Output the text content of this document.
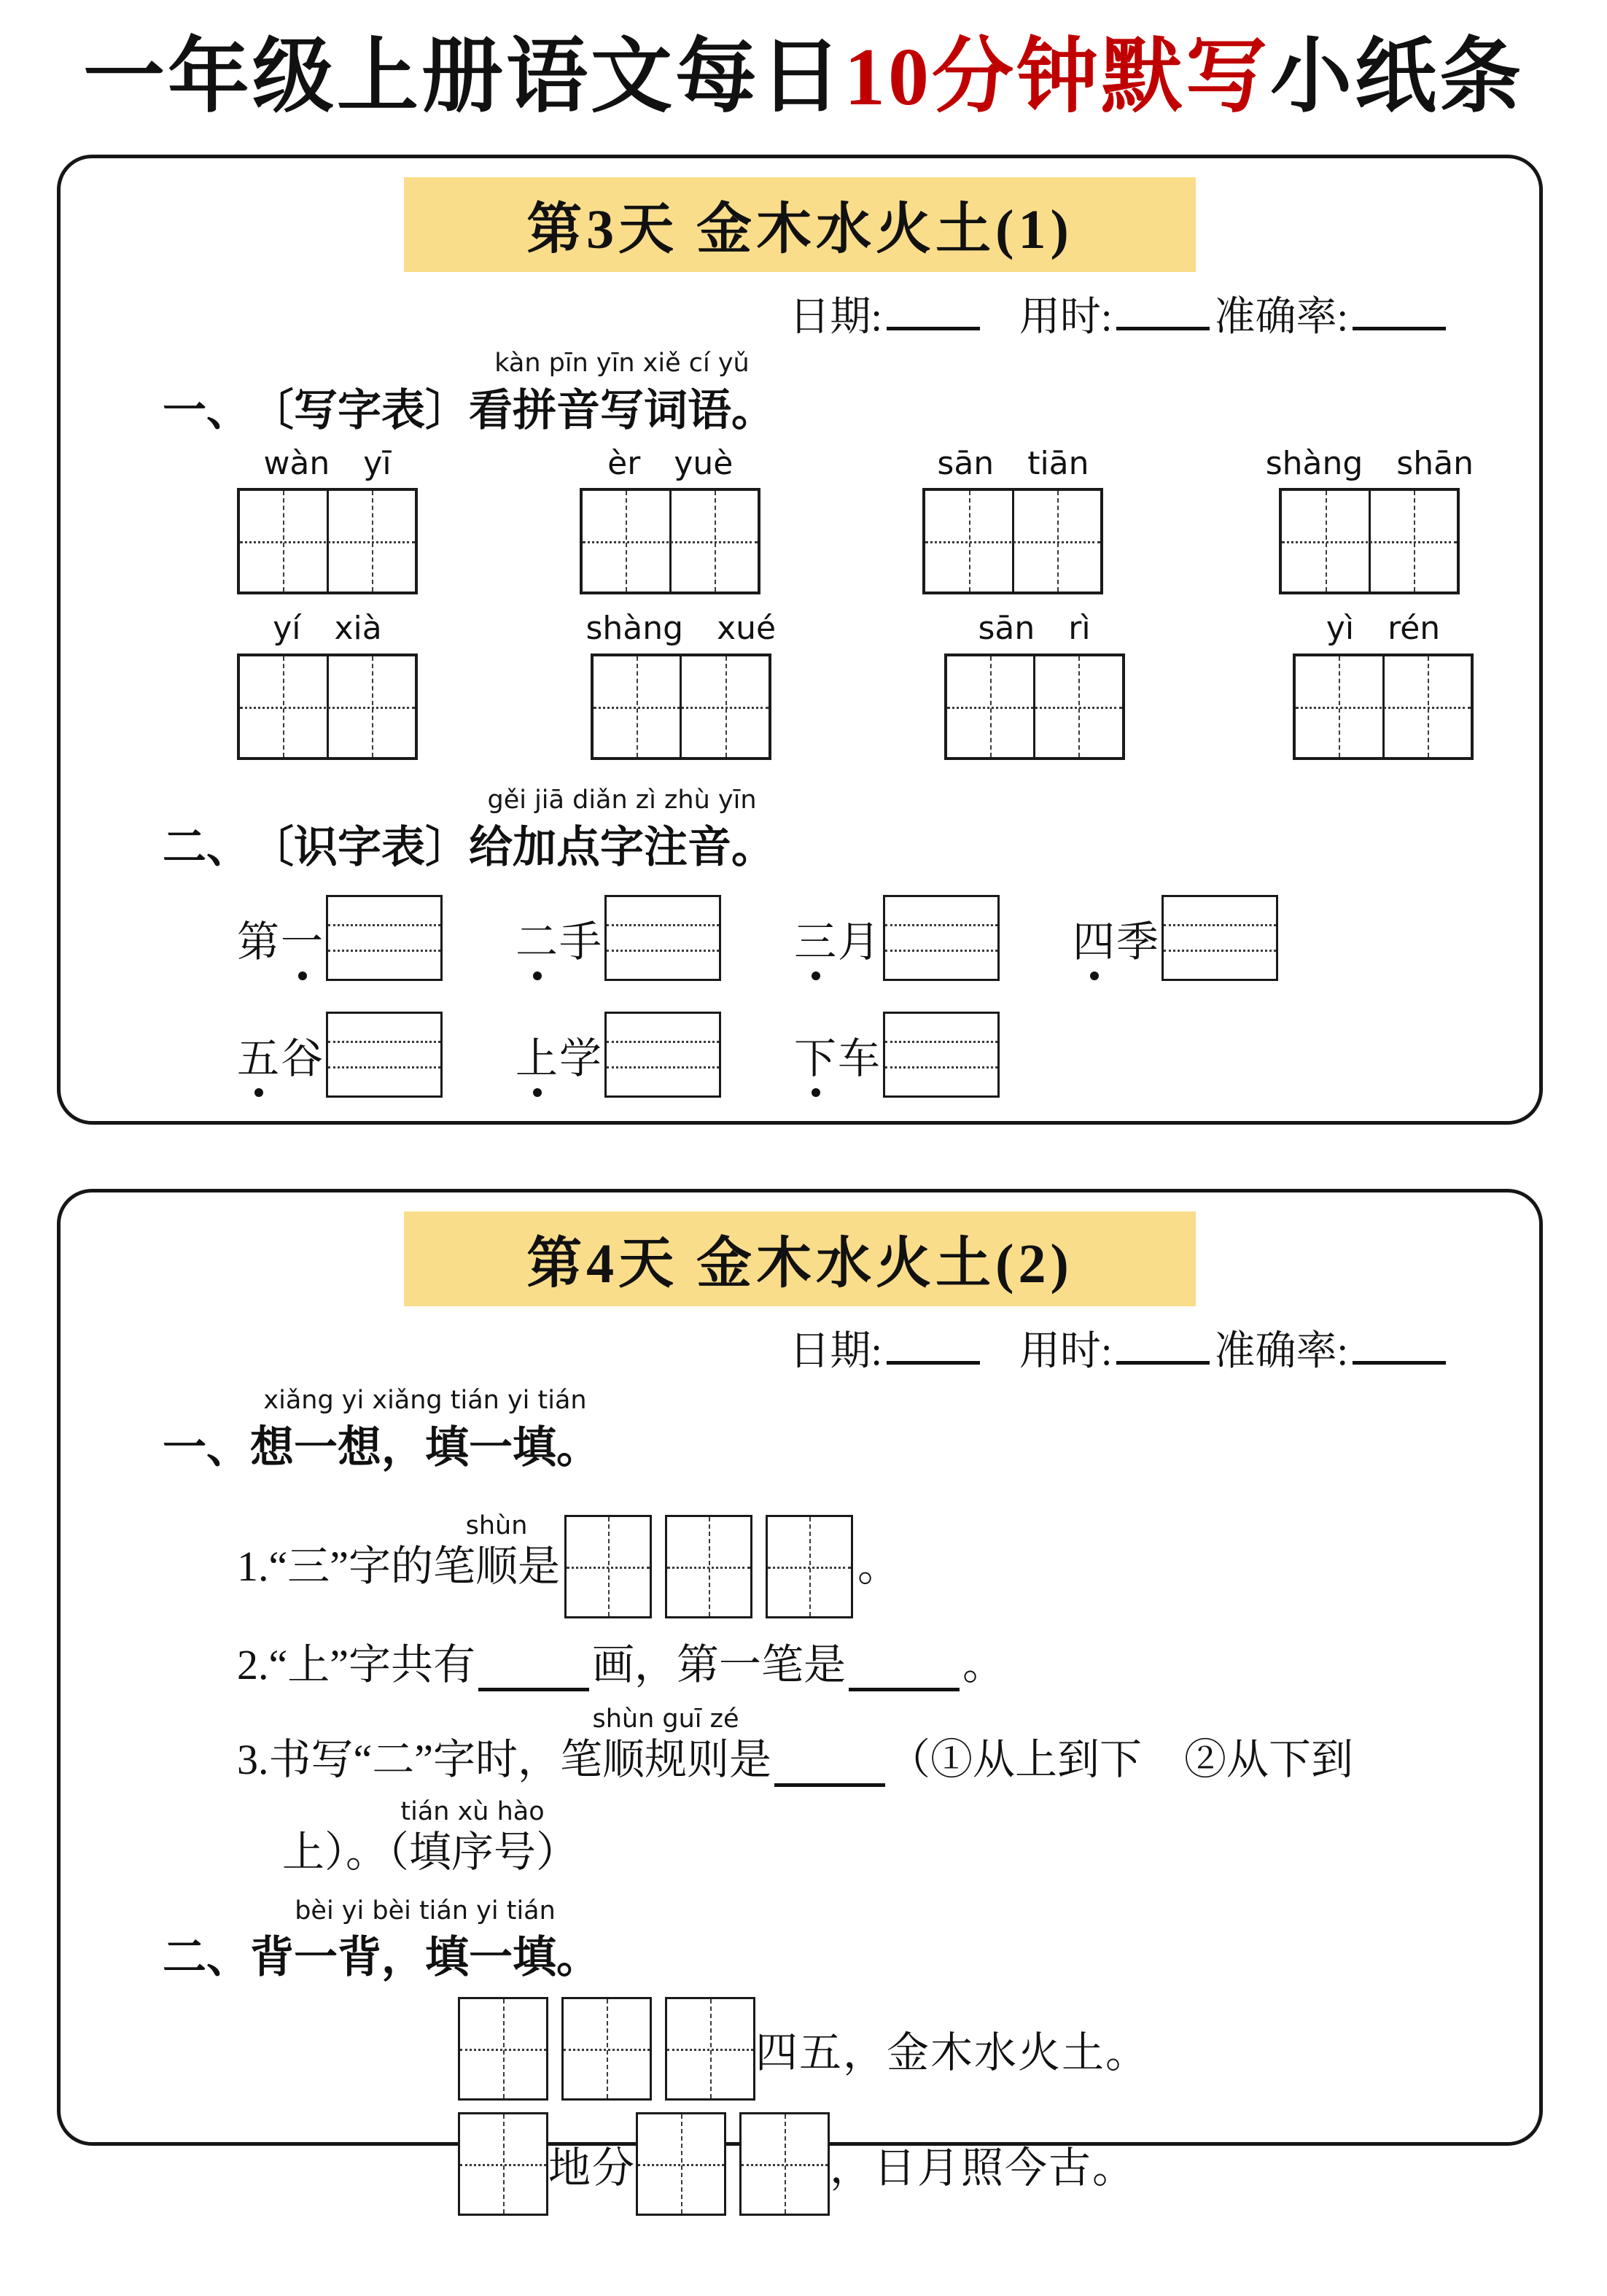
一年级上册语文每日10分钟默写小纸条
第3天 金木水火土(1)
日期:	用时:	准确率:
一、 〔写字表〕
kàn pīn yīn xiě cí yǔ
看拼音写词语。
wàn yī	èr yuè	sān tiān	shàng shān
yí xià	shàng xué	sān rì	yì rén
二、 〔识字表〕
gěi jiā diǎn zì zhù yīn
给加点字注音。
第 一	二 手	三 月	四 季
五 谷	上 学	下 车
第4天 金木水火土(2)
日期:	用时:	准确率:
一、
xiǎng yi xiǎng tián yi tián
想一想，填一填。
1. “三”字的笔
shùn
顺 是	。
2.“上”字共有	画，第一笔是	。
3.书写“二”字时，笔
shùn guī zé
顺规则是	（①从上到下　②从下到
上）。（
tián xù hào
填序号）
二、
bèi yi bèi tián yi tián
背一背，填一填。
四五，金木水火土。
地分	，日月照今古。
